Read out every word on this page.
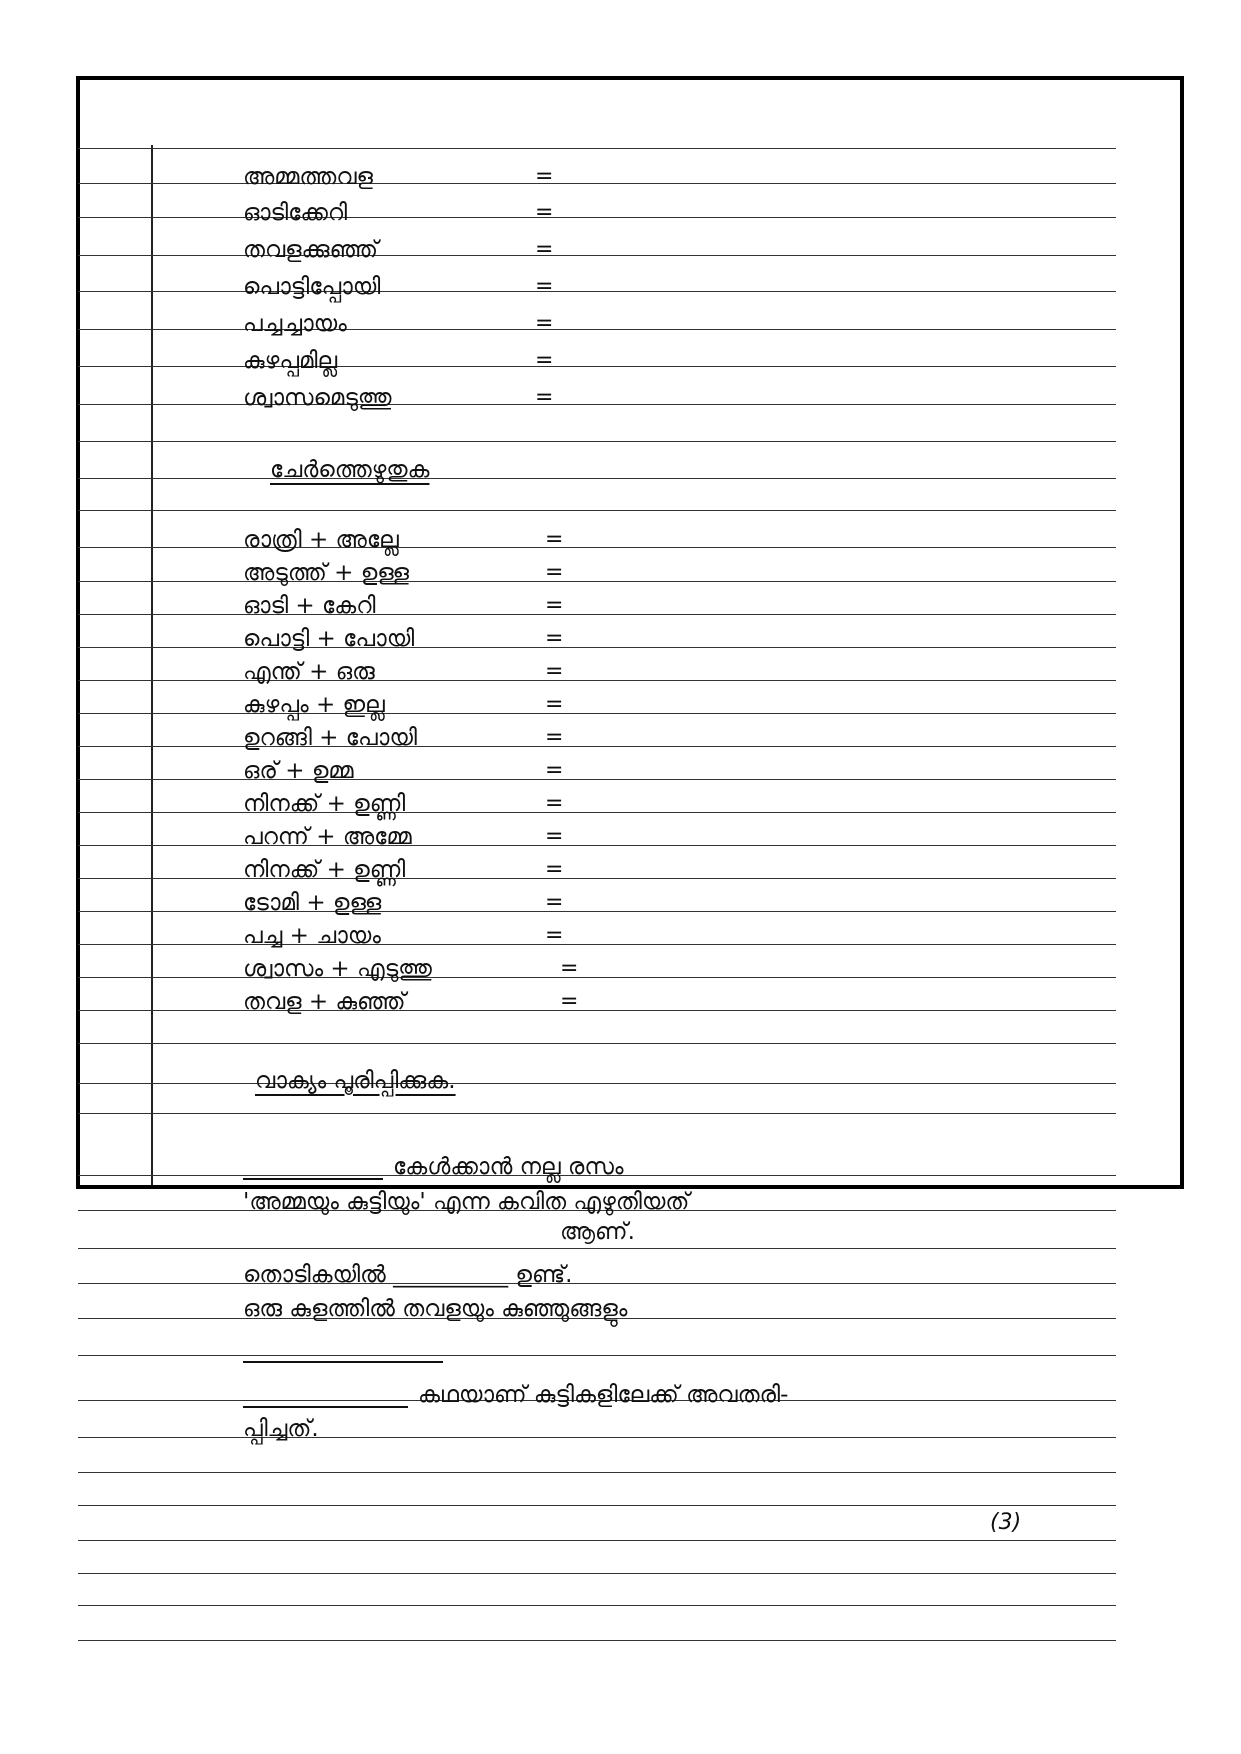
അമ്മത്തവള	=
ഓടിക്കേറി	=
തവളക്കുഞ്ഞ്	=
പൊട്ടിപ്പോയി	=
പച്ചച്ചായം	=
കുഴപ്പമില്ല	=
ശ്വാസമെടുത്തു	=
ചേർത്തെഴുതുക
രാത്രി + അല്ലേ	=
അടുത്ത് + ഉള്ള	=
ഓടി + കേറി	=
പൊട്ടി + പോയി	=
എന്ത് + ഒരു	=
കുഴപ്പം + ഇല്ല	=
ഉറങ്ങി + പോയി	=
ഒര് + ഉമ്മ	=
നിനക്ക് + ഉണ്ണി	=
പറന്ന് + അമ്മേ	=
നിനക്ക് + ഉണ്ണി	=
ടോമി + ഉള്ള	=
പച്ച + ചായം	=
ശ്വാസം + എടുത്തു	=
തവള + കുഞ്ഞ്	=
വാക്യം പൂരിപ്പിക്കുക.
കേൾക്കാൻ നല്ല രസം
'അമ്മയും കുട്ടിയും' എന്ന കവിത എഴുതിയത്
ആണ്.
തൊടികയിൽ __________ ഉണ്ട്.
ഒരു കുളത്തിൽ തവളയും കുഞ്ഞുങ്ങളും
കഥയാണ് കുട്ടികളിലേക്ക് അവതരി-
പ്പിച്ചത്.
(3)
